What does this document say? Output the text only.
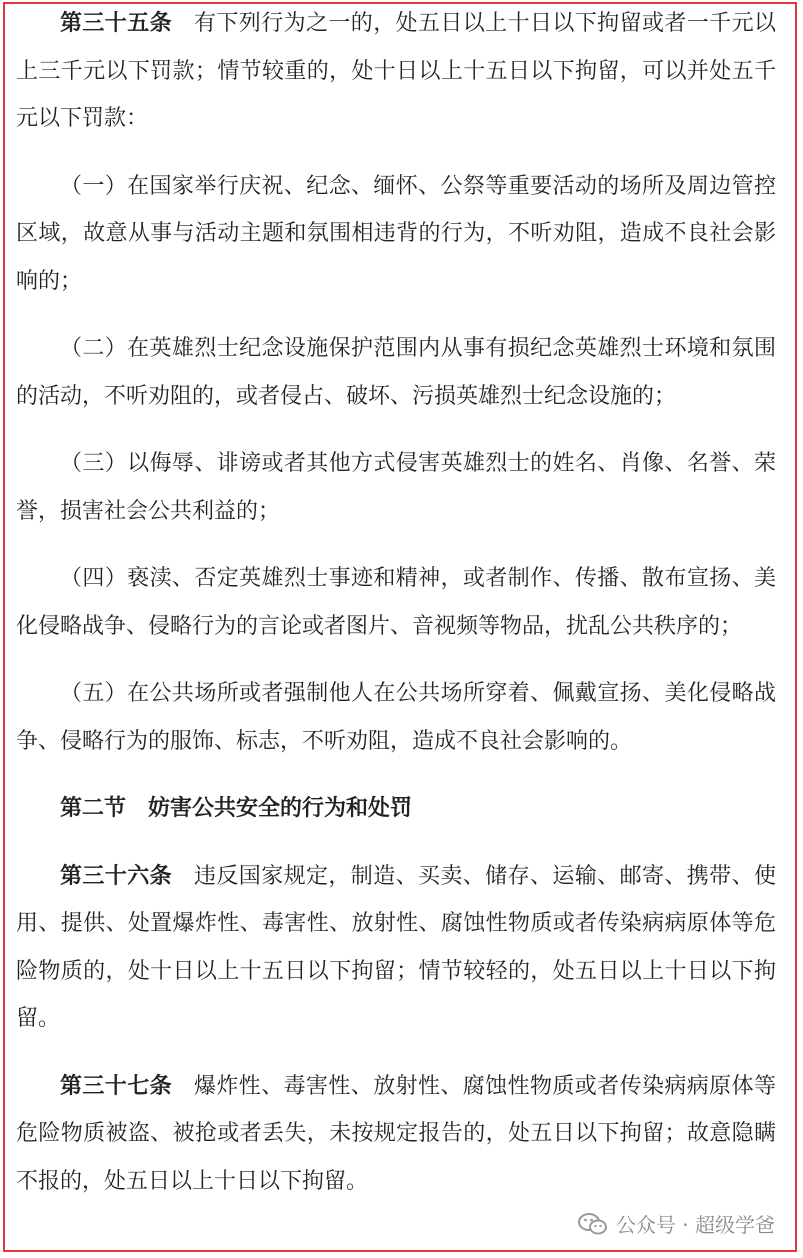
第三十五条 有下列行为之一的，处五日以上十日以下拘留或者一千元以上三千元以下罚款；情节较重的，处十日以上十五日以下拘留，可以并处五千元以下罚款：

（一）在国家举行庆祝、纪念、缅怀、公祭等重要活动的场所及周边管控区域，故意从事与活动主题和氛围相违背的行为，不听劝阻，造成不良社会影响的；

（二）在英雄烈士纪念设施保护范围内从事有损纪念英雄烈士环境和氛围的活动，不听劝阻的，或者侵占、破坏、污损英雄烈士纪念设施的；

（三）以侮辱、诽谤或者其他方式侵害英雄烈士的姓名、肖像、名誉、荣誉，损害社会公共利益的；

（四）亵渎、否定英雄烈士事迹和精神，或者制作、传播、散布宣扬、美化侵略战争、侵略行为的言论或者图片、音视频等物品，扰乱公共秩序的；

（五）在公共场所或者强制他人在公共场所穿着、佩戴宣扬、美化侵略战争、侵略行为的服饰、标志，不听劝阻，造成不良社会影响的。

第二节　妨害公共安全的行为和处罚

第三十六条 违反国家规定，制造、买卖、储存、运输、邮寄、携带、使用、提供、处置爆炸性、毒害性、放射性、腐蚀性物质或者传染病病原体等危险物质的，处十日以上十五日以下拘留；情节较轻的，处五日以上十日以下拘留。

第三十七条 爆炸性、毒害性、放射性、腐蚀性物质或者传染病病原体等危险物质被盗、被抢或者丢失，未按规定报告的，处五日以下拘留；故意隐瞒不报的，处五日以上十日以下拘留。

公众号 · 超级学爸
